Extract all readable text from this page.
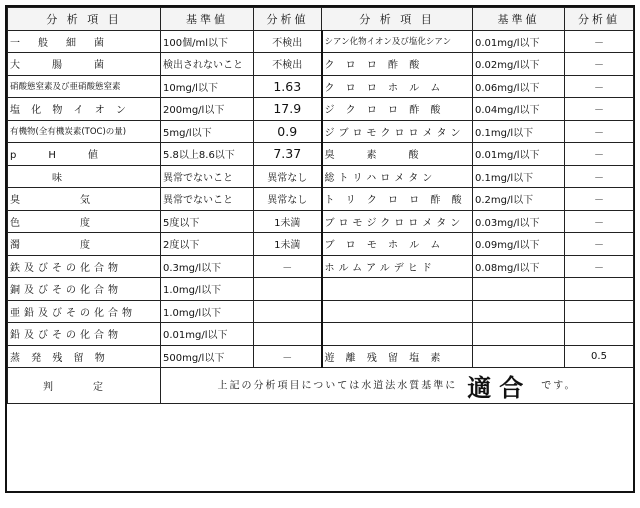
分 析 項 目	基準値	分析値	分 析 項 目	基準値	分析値
一　般　細　菌	100個/ml以下	不検出	シアン化物イオン及び塩化シアン	0.01mg/l以下	－
大　　腸　　菌	検出されないこと	不検出	ク ロ ロ 酢 酸	0.02mg/l以下	－
硝酸態窒素及び亜硝酸態窒素	10mg/l以下	1.63	ク ロ ロ ホ ル ム	0.06mg/l以下	－
塩 化 物 イ オ ン	200mg/l以下	17.9	ジ ク ロ ロ 酢 酸	0.04mg/l以下	－
有機物(全有機炭素(TOC)の量)	5mg/l以下	0.9	ジブロモクロロメタン	0.1mg/l以下	－
p　　H　　値	5.8以上8.6以下	7.37	臭　　素　　酸	0.01mg/l以下	－
　　　味	異常でないこと	異常なし	総トリハロメタン	0.1mg/l以下	－
臭　　　　気	異常でないこと	異常なし	ト リ ク ロ ロ 酢 酸	0.2mg/l以下	－
色　　　　度	5度以下	1未満	ブロモジクロロメタン	0.03mg/l以下	－
濁　　　　度	2度以下	1未満	ブ ロ モ ホ ル ム	0.09mg/l以下	－
鉄及びその化合物	0.3mg/l以下	－	ホルムアルデヒド	0.08mg/l以下	－
銅及びその化合物	1.0mg/l以下				
亜鉛及びその化合物	1.0mg/l以下				
鉛及びその化合物	0.01mg/l以下				
蒸 発 残 留 物	500mg/l以下	－	遊 離 残 留 塩 素		0.5
判定	上記の分析項目については水道法水質基準に 適合 です。				
